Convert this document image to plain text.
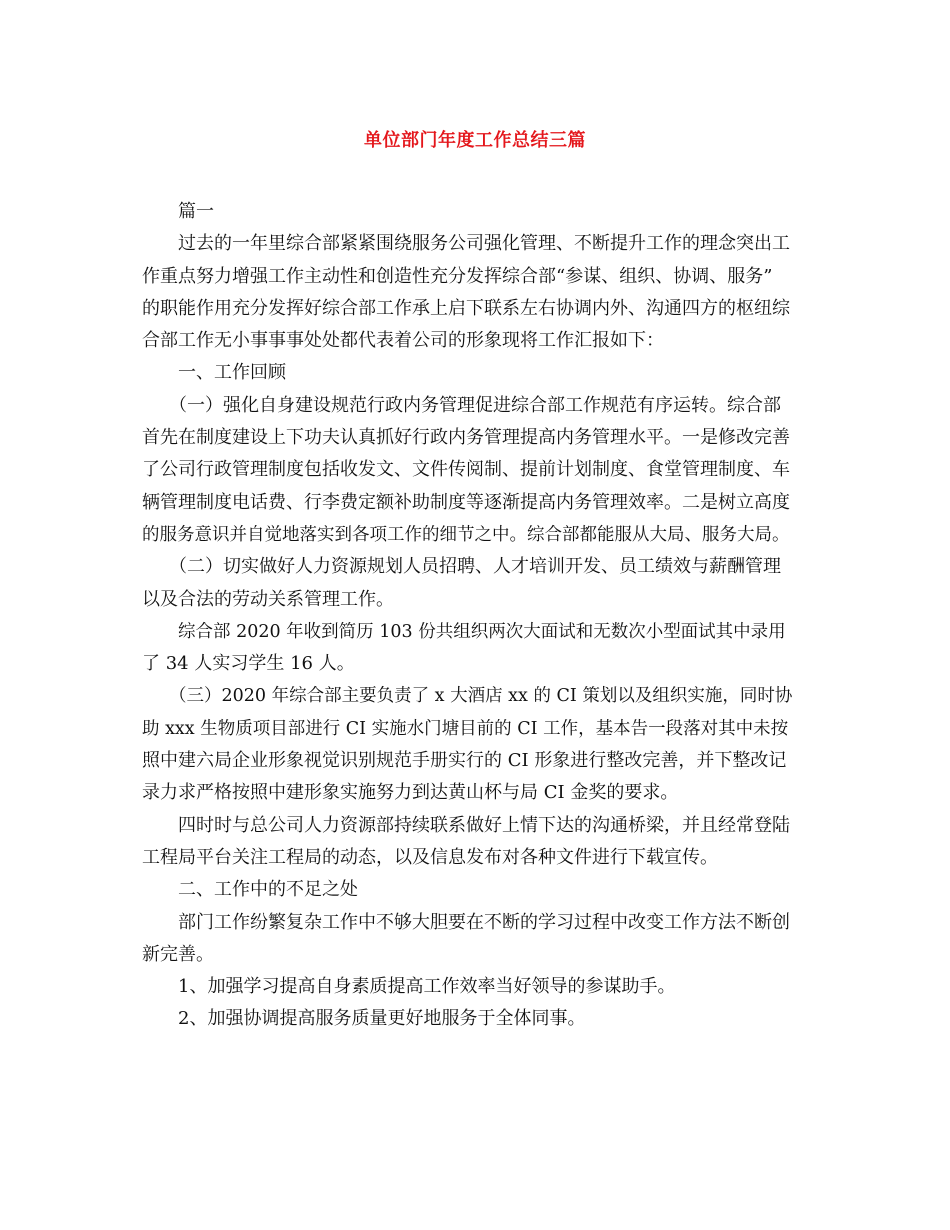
单位部门年度工作总结三篇
篇一
过去的一年里综合部紧紧围绕服务公司强化管理、不断提升工作的理念突出工
作重点努力增强工作主动性和创造性充分发挥综合部“参谋、组织、协调、服务”
的职能作用充分发挥好综合部工作承上启下联系左右协调内外、沟通四方的枢纽综
合部工作无小事事事处处都代表着公司的形象现将工作汇报如下：
一、工作回顾
（一）强化自身建设规范行政内务管理促进综合部工作规范有序运转。综合部
首先在制度建设上下功夫认真抓好行政内务管理提高内务管理水平。一是修改完善
了公司行政管理制度包括收发文、文件传阅制、提前计划制度、食堂管理制度、车
辆管理制度电话费、行李费定额补助制度等逐渐提高内务管理效率。二是树立高度
的服务意识并自觉地落实到各项工作的细节之中。综合部都能服从大局、服务大局。
（二）切实做好人力资源规划人员招聘、人才培训开发、员工绩效与薪酬管理
以及合法的劳动关系管理工作。
综合部 2020 年收到简历 103 份共组织两次大面试和无数次小型面试其中录用
了 34 人实习学生 16 人。
（三）2020 年综合部主要负责了 x 大酒店 xx 的 CI 策划以及组织实施，同时协
助 xxx 生物质项目部进行 CI 实施水门塘目前的 CI 工作，基本告一段落对其中未按
照中建六局企业形象视觉识别规范手册实行的 CI 形象进行整改完善，并下整改记
录力求严格按照中建形象实施努力到达黄山杯与局 CI 金奖的要求。
四时时与总公司人力资源部持续联系做好上情下达的沟通桥梁，并且经常登陆
工程局平台关注工程局的动态，以及信息发布对各种文件进行下载宣传。
二、工作中的不足之处
部门工作纷繁复杂工作中不够大胆要在不断的学习过程中改变工作方法不断创
新完善。
1、加强学习提高自身素质提高工作效率当好领导的参谋助手。
2、加强协调提高服务质量更好地服务于全体同事。
